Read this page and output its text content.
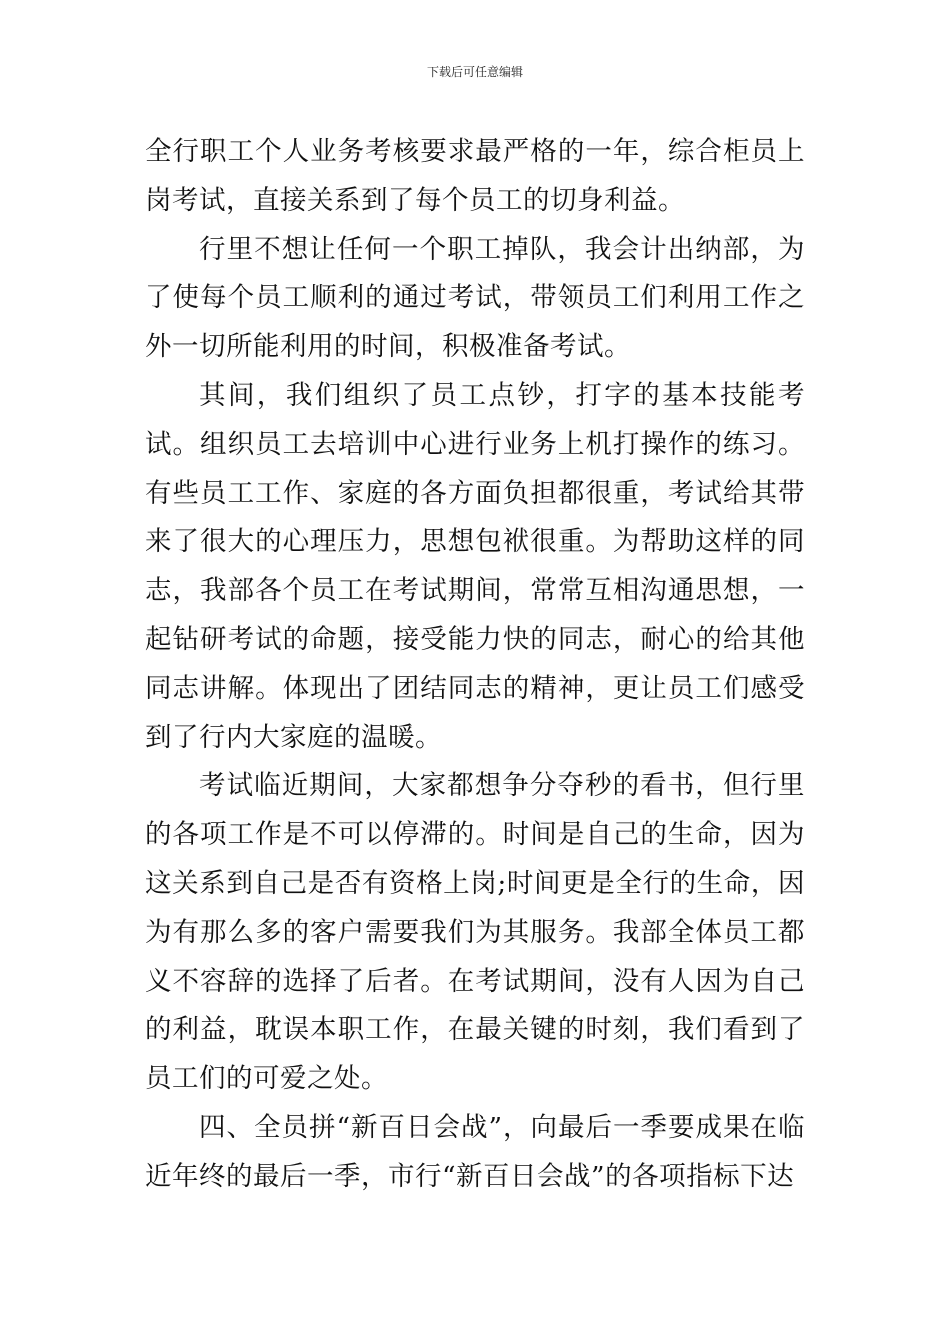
下载后可任意编辑

全行职工个人业务考核要求最严格的一年，综合柜员上岗考试，直接关系到了每个员工的切身利益。

行里不想让任何一个职工掉队，我会计出纳部，为了使每个员工顺利的通过考试，带领员工们利用工作之外一切所能利用的时间，积极准备考试。

其间，我们组织了员工点钞，打字的基本技能考试。组织员工去培训中心进行业务上机打操作的练习。有些员工工作、家庭的各方面负担都很重，考试给其带来了很大的心理压力，思想包袱很重。为帮助这样的同志，我部各个员工在考试期间，常常互相沟通思想，一起钻研考试的命题，接受能力快的同志，耐心的给其他同志讲解。体现出了团结同志的精神，更让员工们感受到了行内大家庭的温暖。

考试临近期间，大家都想争分夺秒的看书，但行里的各项工作是不可以停滞的。时间是自己的生命，因为这关系到自己是否有资格上岗;时间更是全行的生命，因为有那么多的客户需要我们为其服务。我部全体员工都义不容辞的选择了后者。在考试期间，没有人因为自己的利益，耽误本职工作，在最关键的时刻，我们看到了员工们的可爱之处。

四、全员拼“新百日会战”，向最后一季要成果在临近年终的最后一季，市行“新百日会战”的各项指标下达
